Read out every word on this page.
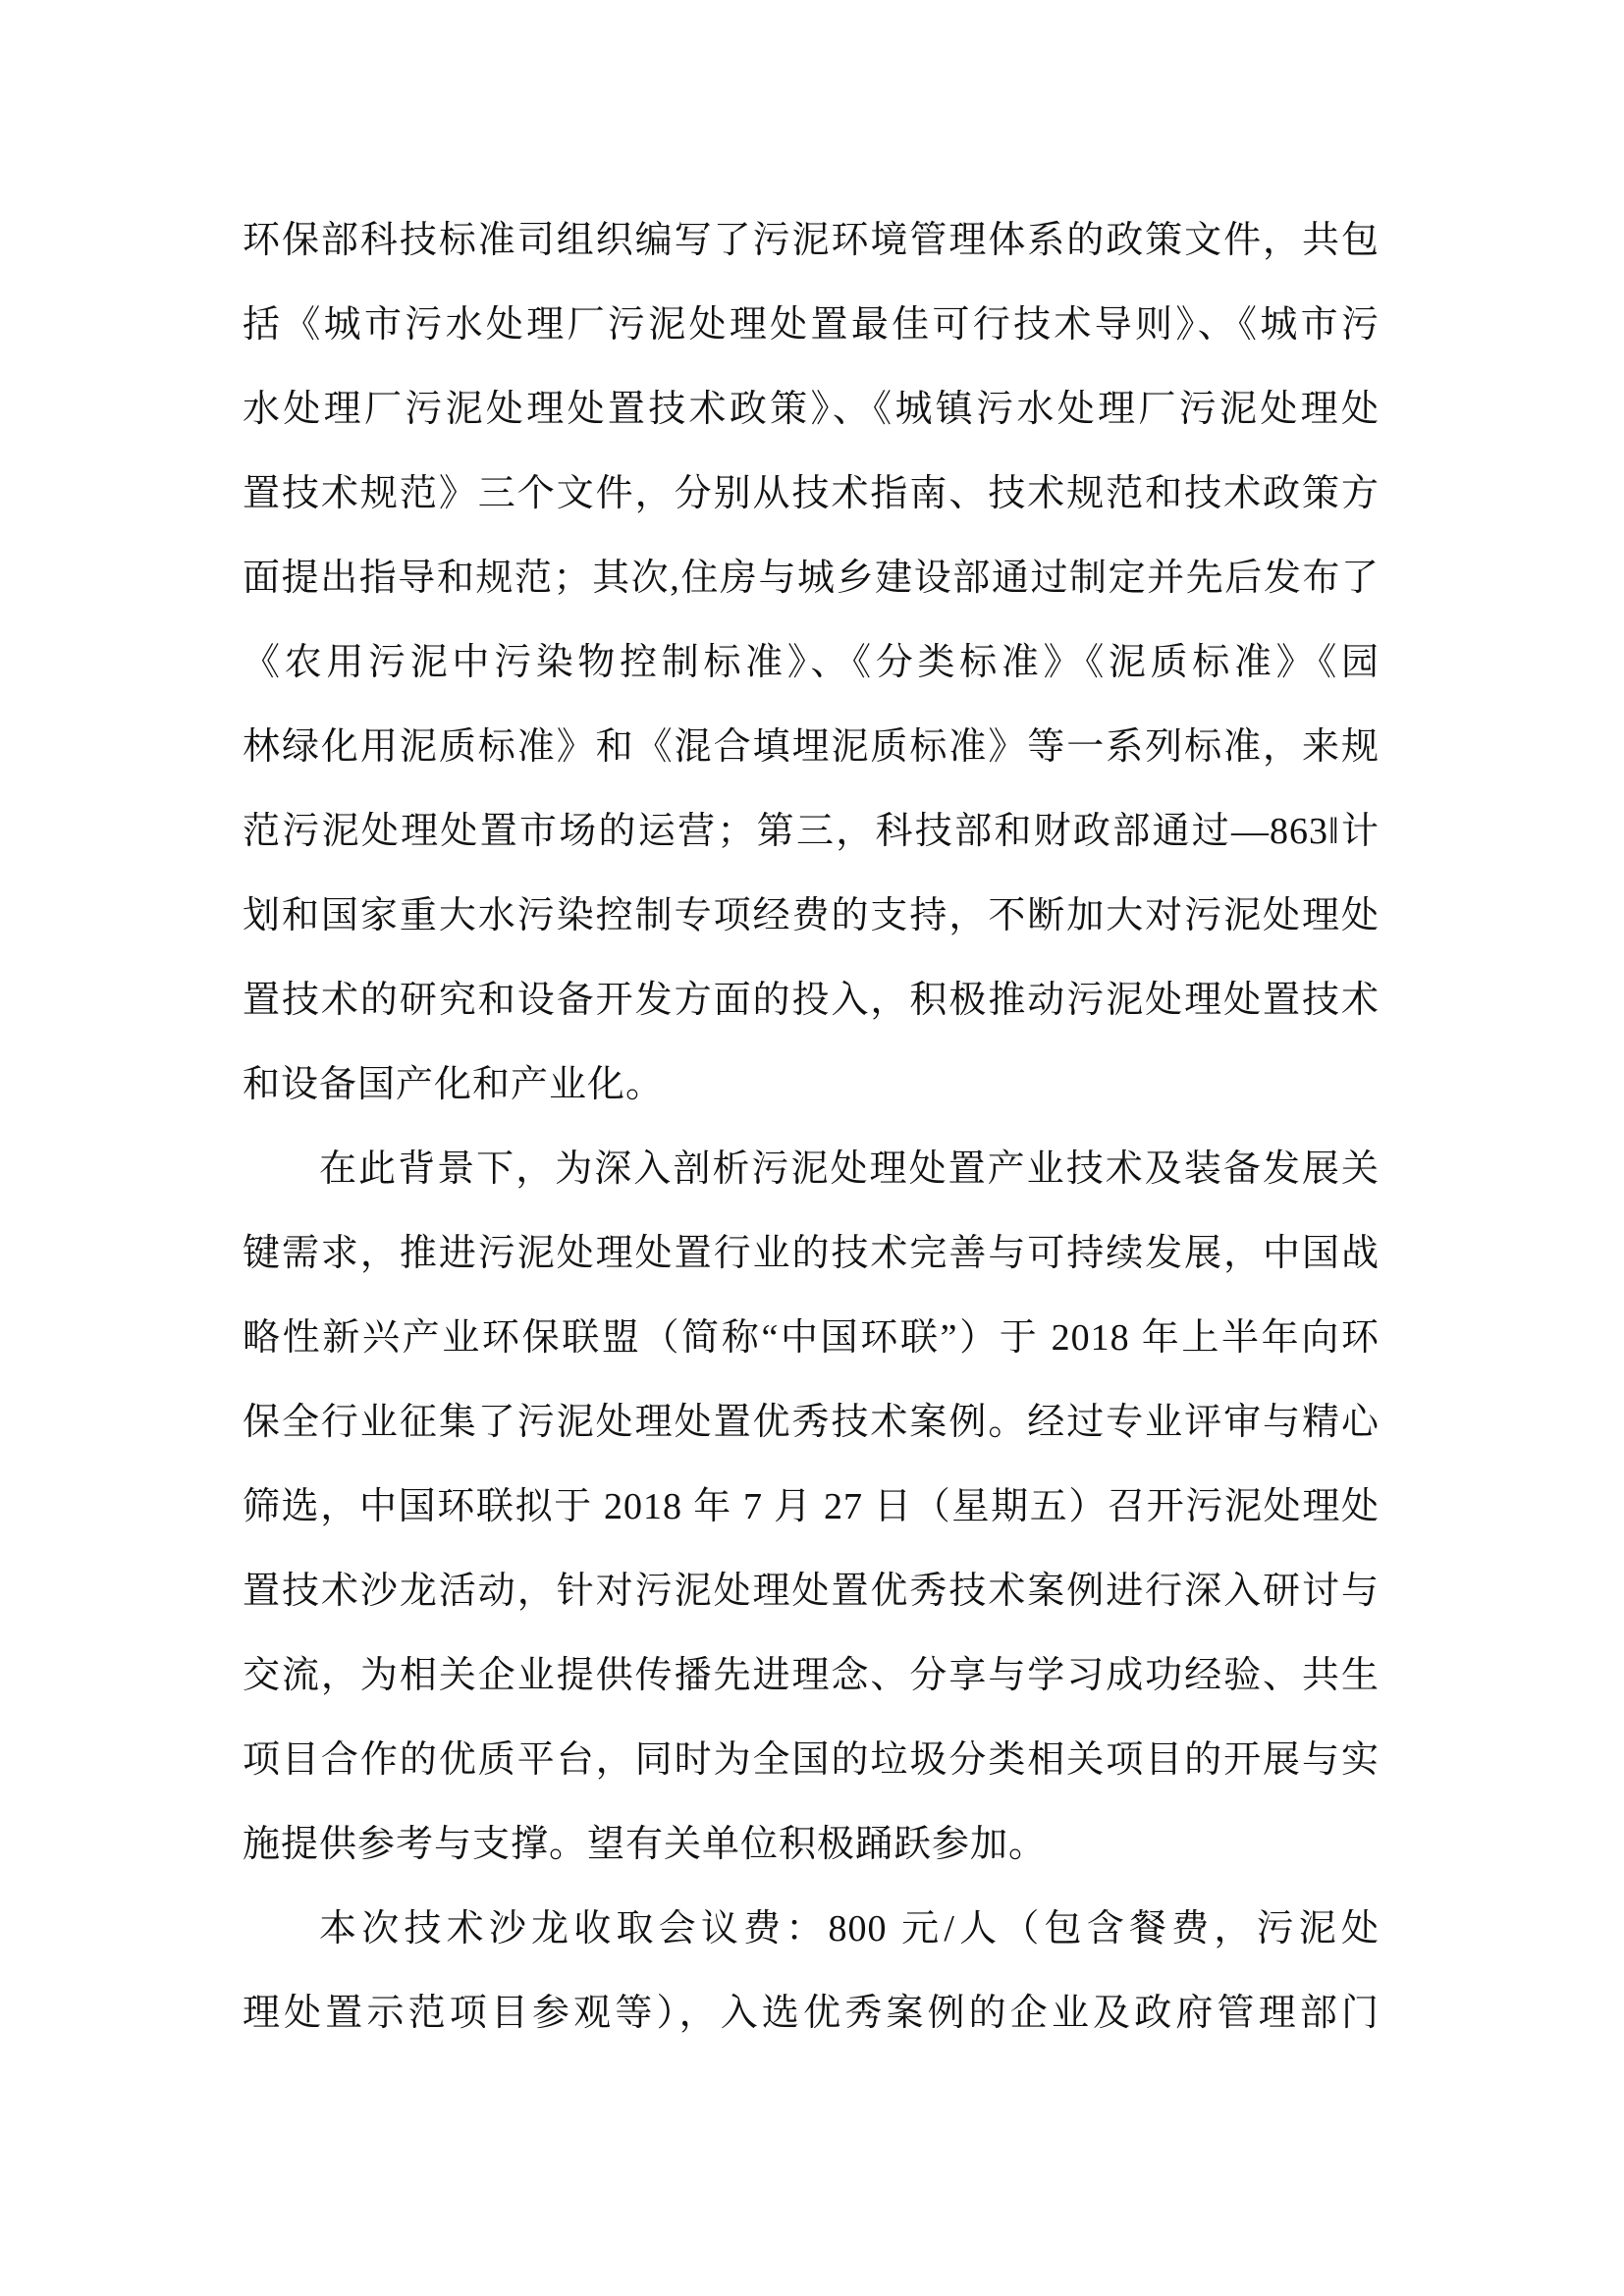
环保部科技标准司组织编写了污泥环境管理体系的政策文件，共包
括《城市污水处理厂污泥处理处置最佳可行技术导则》、《城市污
水处理厂污泥处理处置技术政策》、《城镇污水处理厂污泥处理处
置技术规范》三个文件，分别从技术指南、技术规范和技术政策方
面提出指导和规范；其次,住房与城乡建设部通过制定并先后发布了
《农用污泥中污染物控制标准》、《分类标准》《泥质标准》《园
林绿化用泥质标准》和《混合填埋泥质标准》等一系列标准，来规
范污泥处理处置市场的运营；第三，科技部和财政部通过—863‖计
划和国家重大水污染控制专项经费的支持，不断加大对污泥处理处
置技术的研究和设备开发方面的投入，积极推动污泥处理处置技术
和设备国产化和产业化。
在此背景下，为深入剖析污泥处理处置产业技术及装备发展关
键需求，推进污泥处理处置行业的技术完善与可持续发展，中国战
略性新兴产业环保联盟（简称“中国环联”）于 2018 年上半年向环
保全行业征集了污泥处理处置优秀技术案例。经过专业评审与精心
筛选，中国环联拟于 2018 年 7 月 27 日（星期五）召开污泥处理处
置技术沙龙活动，针对污泥处理处置优秀技术案例进行深入研讨与
交流，为相关企业提供传播先进理念、分享与学习成功经验、共生
项目合作的优质平台，同时为全国的垃圾分类相关项目的开展与实
施提供参考与支撑。望有关单位积极踊跃参加。
本次技术沙龙收取会议费：800 元/人（包含餐费，污泥处
理处置示范项目参观等），入选优秀案例的企业及政府管理部门
